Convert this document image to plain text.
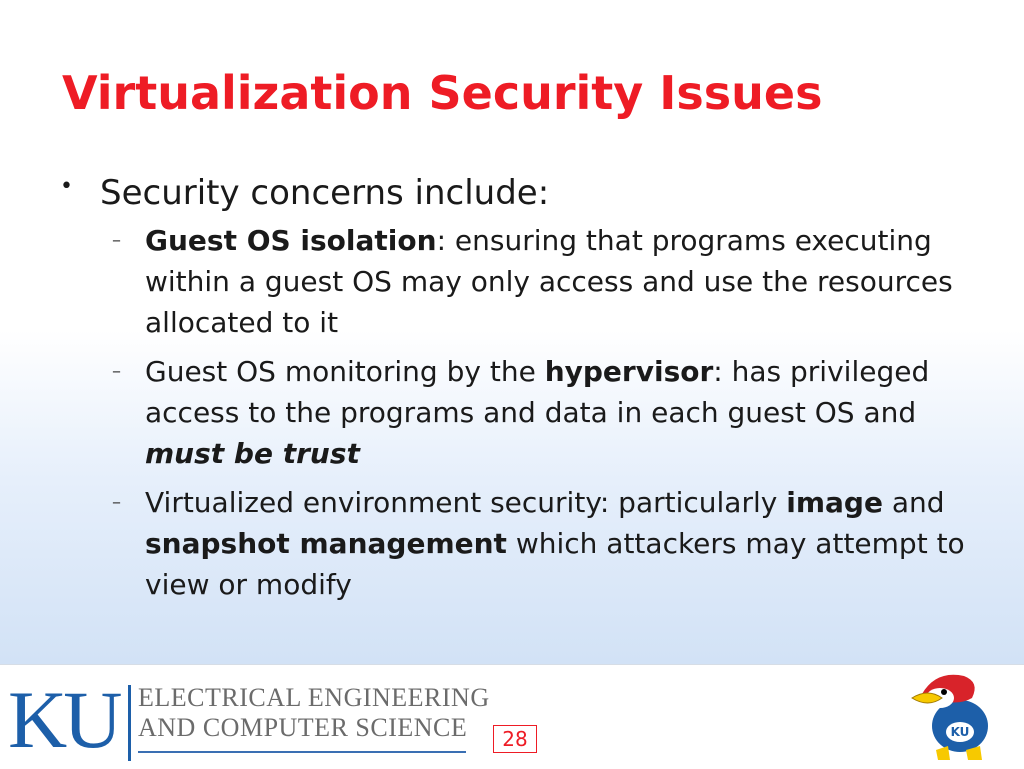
Virtualization Security Issues
• Security concerns include:
– Guest OS isolation: ensuring that programs executing within a guest OS may only access and use the resources allocated to it
– Guest OS monitoring by the hypervisor: has privileged access to the programs and data in each guest OS and must be trust
– Virtualized environment security: particularly image and snapshot management which attackers may attempt to view or modify
KU ELECTRICAL ENGINEERING
AND COMPUTER SCIENCE	28	KU
